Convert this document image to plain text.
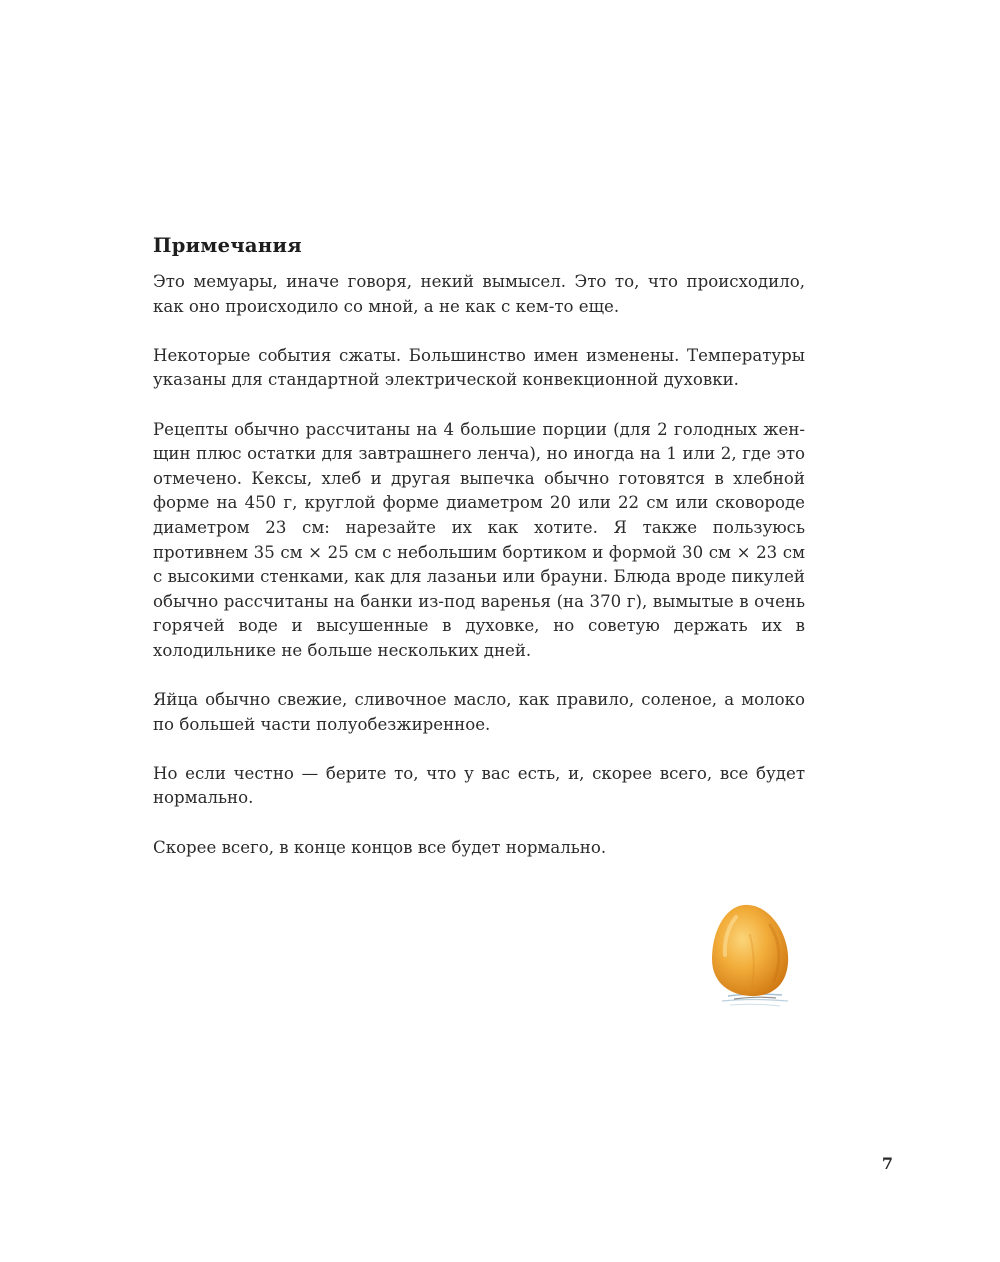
Примечания

Это мемуары, иначе говоря, некий вымысел. Это то, что происходило, как оно происходило со мной, а не как с кем-то еще.

Некоторые события сжаты. Большинство имен изменены. Температуры указаны для стандартной электрической конвекционной духовки.

Рецепты обычно рассчитаны на 4 большие порции (для 2 голодных женщин плюс остатки для завтрашнего ленча), но иногда на 1 или 2, где это отмечено. Кексы, хлеб и другая выпечка обычно готовятся в хлебной форме на 450 г, круглой форме диаметром 20 или 22 см или сковороде диаметром 23 см: нарезайте их как хотите. Я также пользуюсь противнем 35 см × 25 см с небольшим бортиком и формой 30 см × 23 см с высокими стенками, как для лазаньи или брауни. Блюда вроде пикулей обычно рассчитаны на банки из-под варенья (на 370 г), вымытые в очень горячей воде и высушенные в духовке, но советую держать их в холодильнике не больше нескольких дней.

Яйца обычно свежие, сливочное масло, как правило, соленое, а молоко по большей части полуобезжиренное.

Но если честно — берите то, что у вас есть, и, скорее всего, все будет нормально.

Скорее всего, в конце концов все будет нормально.

7
